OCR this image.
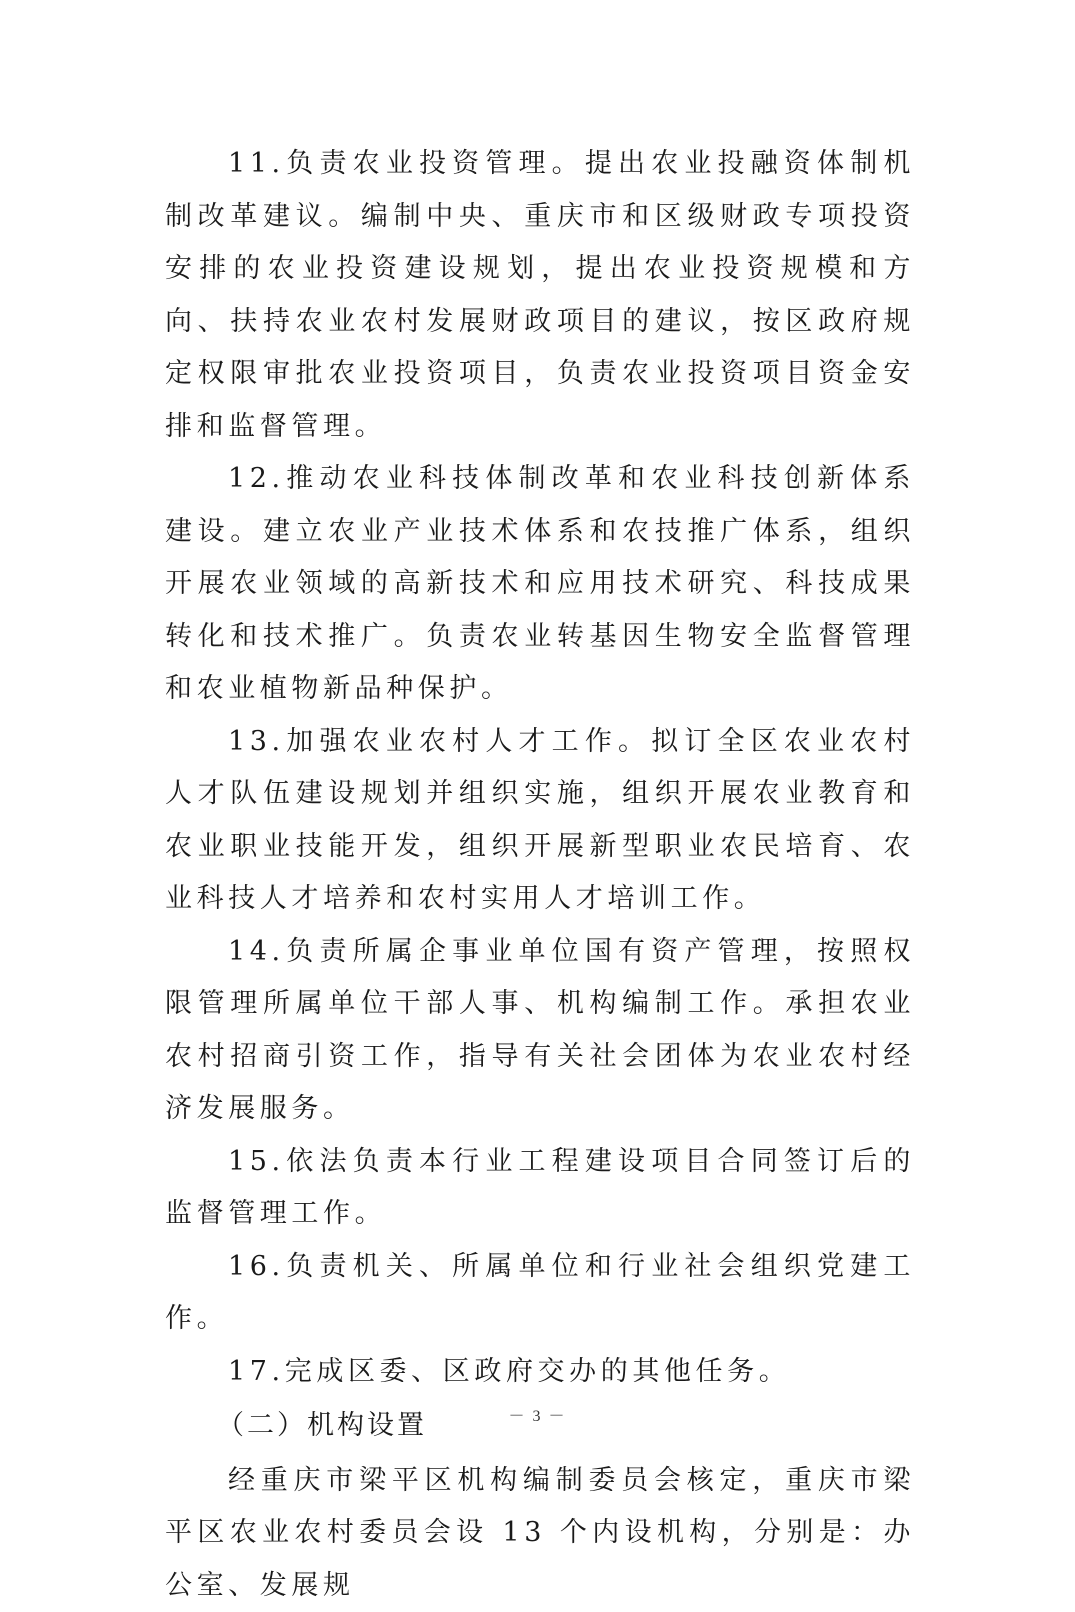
11.负责农业投资管理。提出农业投融资体制机制改革建议。编制中央、重庆市和区级财政专项投资安排的农业投资建设规划，提出农业投资规模和方向、扶持农业农村发展财政项目的建议，按区政府规定权限审批农业投资项目，负责农业投资项目资金安排和监督管理。

12.推动农业科技体制改革和农业科技创新体系建设。建立农业产业技术体系和农技推广体系，组织开展农业领域的高新技术和应用技术研究、科技成果转化和技术推广。负责农业转基因生物安全监督管理和农业植物新品种保护。

13.加强农业农村人才工作。拟订全区农业农村人才队伍建设规划并组织实施，组织开展农业教育和农业职业技能开发，组织开展新型职业农民培育、农业科技人才培养和农村实用人才培训工作。

14.负责所属企事业单位国有资产管理，按照权限管理所属单位干部人事、机构编制工作。承担农业农村招商引资工作，指导有关社会团体为农业农村经济发展服务。

15.依法负责本行业工程建设项目合同签订后的监督管理工作。

16.负责机关、所属单位和行业社会组织党建工作。

17.完成区委、区政府交办的其他任务。

（二）机构设置

经重庆市梁平区机构编制委员会核定，重庆市梁平区农业农村委员会设 13 个内设机构，分别是：办公室、发展规

－ 3 －
